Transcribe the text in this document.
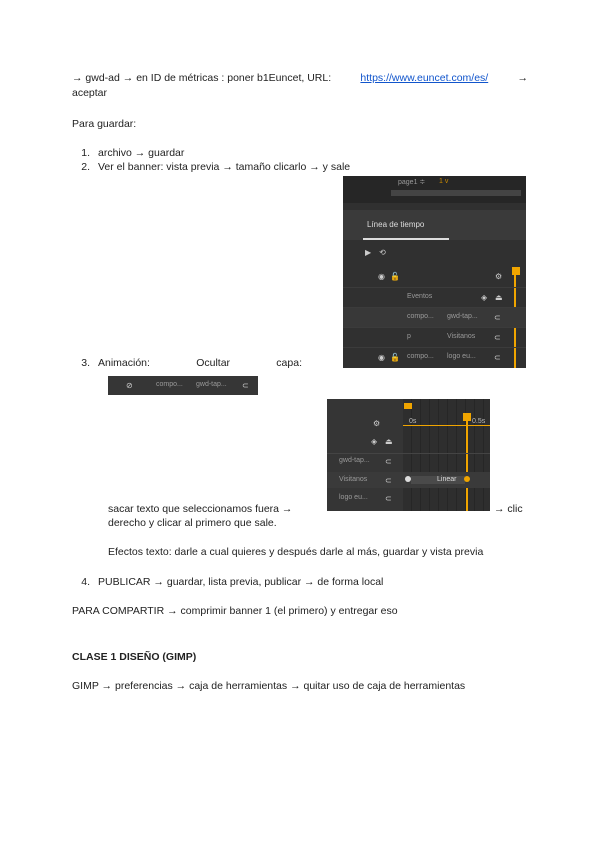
→ gwd-ad → en ID de métricas : poner b1Euncet, URL:	https://www.euncet.com/es/	→
aceptar
Para guardar:
1. archivo → guardar
2. Ver el banner: vista previa → tamaño clicarlo → y sale
page1 ≑ 1 v
Línea de tiempo
▶ ⟲
◉ 🔓	⚙
Eventos	◈ ⏏
compo... gwd-tap... ⊂
p	Visitanos ⊂
◉ 🔓 compo... logo eu... ⊂
3. Animación:	Ocultar	capa:
⊘	compo... gwd-tap... ⊂
⚙
◈ ⏏
0s	0.5s
gwd-tap... ⊂
Visitanos ⊂	Linear
logo eu... ⊂
sacar texto que seleccionamos fuera →	→ clic
derecho y clicar al primero que sale.
Efectos texto: darle a cual quieres y después darle al más, guardar y vista previa
4. PUBLICAR → guardar, lista previa, publicar → de forma local
PARA COMPARTIR → comprimir banner 1 (el primero) y entregar eso
CLASE 1 DISEÑO (GIMP)
GIMP → preferencias → caja de herramientas → quitar uso de caja de herramientas
